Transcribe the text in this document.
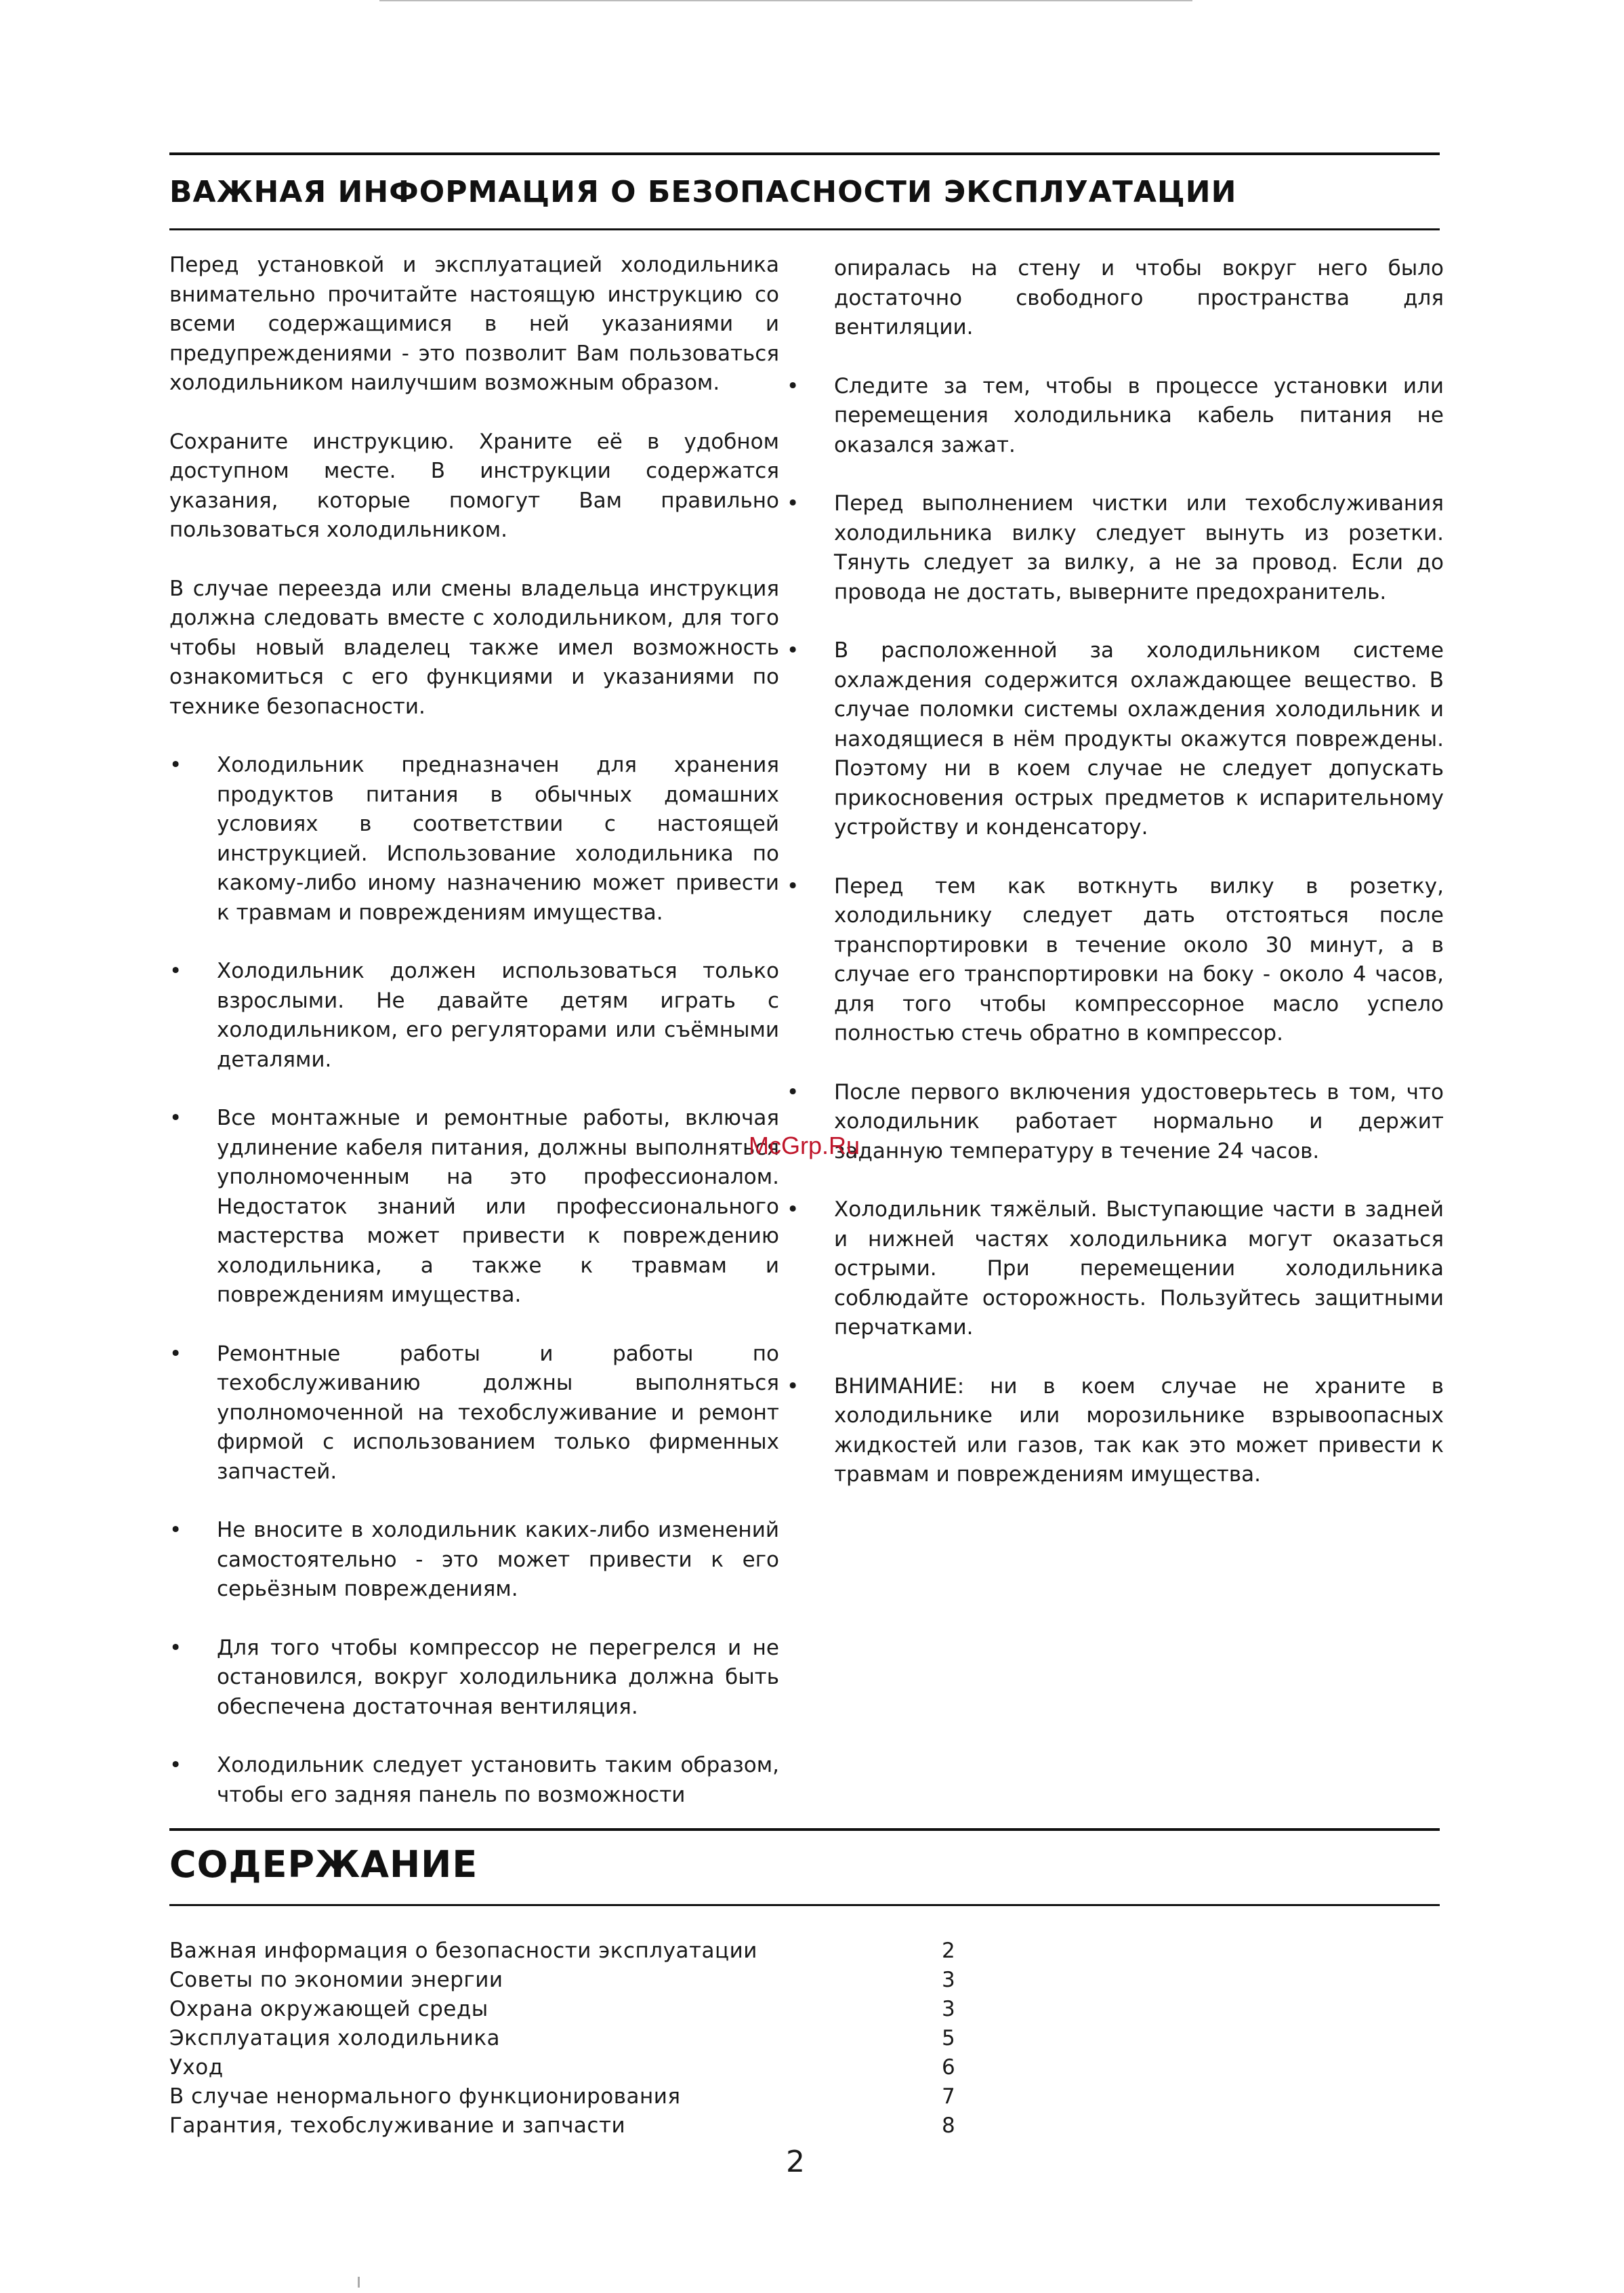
ВАЖНАЯ ИНФОРМАЦИЯ О БЕЗОПАСНОСТИ ЭКСПЛУАТАЦИИ

Перед установкой и эксплуатацией холодильника внимательно прочитайте настоящую инструкцию со всеми содержащимися в ней указаниями и предупреждениями - это позволит Вам пользоваться холодильником наилучшим возможным образом.

Сохраните инструкцию. Храните её в удобном доступном месте. В инструкции содержатся указания, которые помогут Вам правильно пользоваться холодильником.

В случае переезда или смены владельца инструкция должна следовать вместе с холодильником, для того чтобы новый владелец также имел возможность ознакомиться с его функциями и указаниями по технике безопасности.

•	Холодильник предназначен для хранения продуктов питания в обычных домашних условиях в соответствии с настоящей инструкцией. Использование холодильника по какому-либо иному назначению может привести к травмам и повреждениям имущества.
•	Холодильник должен использоваться только взрослыми. Не давайте детям играть с холодильником, его регуляторами или съёмными деталями.
•	Все монтажные и ремонтные работы, включая удлинение кабеля питания, должны выполняться уполномоченным на это профессионалом. Недостаток знаний или профессионального мастерства может привести к повреждению холодильника, а также к травмам и повреждениям имущества.
•	Ремонтные работы и работы по техобслуживанию должны выполняться уполномоченной на техобслуживание и ремонт фирмой с использованием только фирменных запчастей.
•	Не вносите в холодильник каких-либо изменений самостоятельно - это может привести к его серьёзным повреждениям.
•	Для того чтобы компрессор не перегрелся и не остановился, вокруг холодильника должна быть обеспечена достаточная вентиляция.
•	Холодильник следует установить таким образом, чтобы его задняя панель по возможности

опиралась на стену и чтобы вокруг него было достаточно свободного пространства для вентиляции.

•	Следите за тем, чтобы в процессе установки или перемещения холодильника кабель питания не оказался зажат.
•	Перед выполнением чистки или техобслуживания холодильника вилку следует вынуть из розетки. Тянуть следует за вилку, а не за провод. Если до провода не достать, выверните предохранитель.
•	В расположенной за холодильником системе охлаждения содержится охлаждающее вещество. В случае поломки системы охлаждения холодильник и находящиеся в нём продукты окажутся повреждены. Поэтому ни в коем случае не следует допускать прикосновения острых предметов к испарительному устройству и конденсатору.
•	Перед тем как воткнуть вилку в розетку, холодильнику следует дать отстояться после транспортировки в течение около 30 минут, а в случае его транспортировки на боку - около 4 часов, для того чтобы компрессорное масло успело полностью стечь обратно в компрессор.
•	После первого включения удостоверьтесь в том, что холодильник работает нормально и держит заданную температуру в течение 24 часов.
•	Холодильник тяжёлый. Выступающие части в задней и нижней частях холодильника могут оказаться острыми. При перемещении холодильника соблюдайте осторожность. Пользуйтесь защитными перчатками.
•	ВНИМАНИЕ: ни в коем случае не храните в холодильнике или морозильнике взрывоопасных жидкостей или газов, так как это может привести к травмам и повреждениям имущества.
McGrp.Ru
СОДЕРЖАНИЕ
Важная информация о безопасности эксплуатации	2
Советы по экономии энергии	3
Охрана окружающей среды	3
Эксплуатация холодильника	5
Уход	6
В случае ненормального функционирования	7
Гарантия, техобслуживание и запчасти	8
2
